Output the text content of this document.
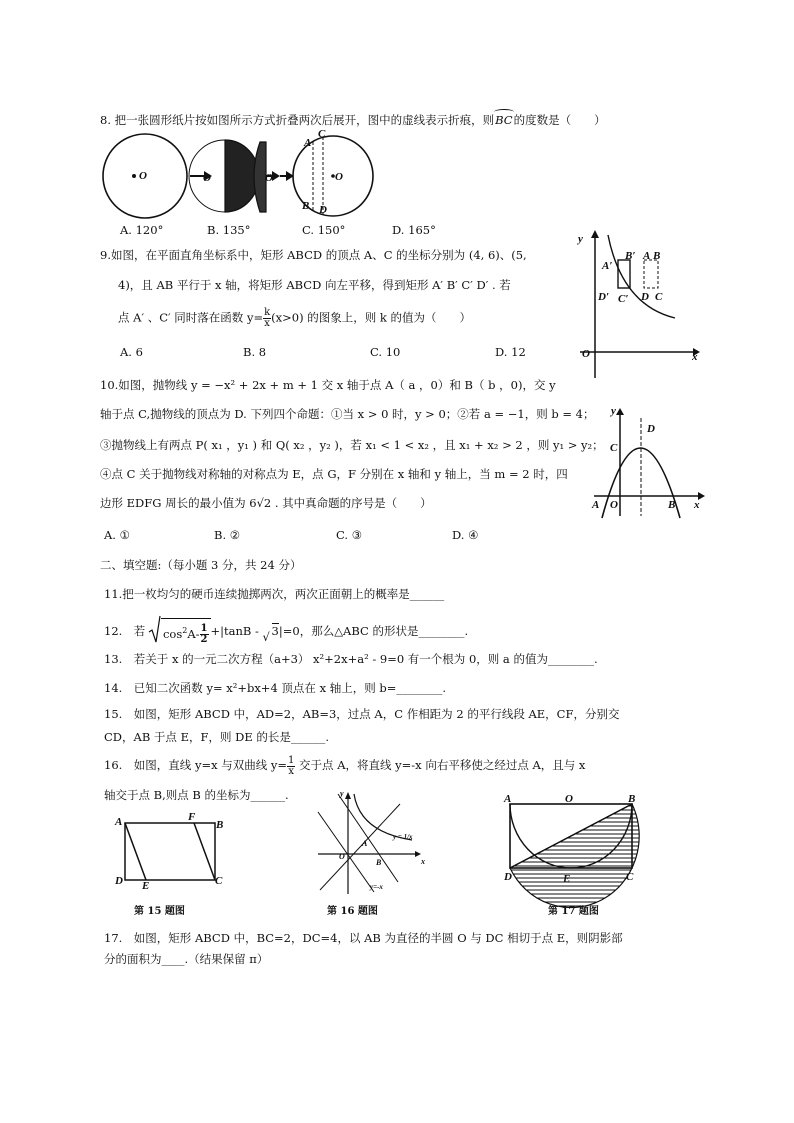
8. 把一张圆形纸片按如图所示方式折叠两次后展开，图中的虚线表示折痕，则
BC的度数是（　　）
O	O	O	O
A
C
B D
A. 120°	B. 135°	C. 150°	D. 165°
9.如图，在平面直角坐标系中，矩形 ABCD 的顶点 A、C 的坐标分别为 (4, 6)、(5,
4)，且 AB 平行于 x 轴，将矩形 ABCD 向左平移，得到矩形 A′ B′ C′ D′ . 若
点 A′ 、C′ 同时落在函数 $y= \frac{k}{x} (x>0)$ 的图象上，则 k 的值为（　　）
A. 6	B. 8	C. 10	D. 12
y
x
O
A′
B′ A B
D′ C′ D C
10.如图，抛物线 y = −x² + 2x + m + 1 交 x 轴于点 A（ a ，0）和 B（ b ，0)，交 y
轴于点 C,抛物线的顶点为 D. 下列四个命题：①当 x > 0 时，y > 0；②若 a = −1，则 b = 4；
③抛物线上有两点 P( x₁ ，y₁ ) 和 Q( x₂ ，y₂ )，若 x₁ < 1 < x₂ ，且 x₁ + x₂ > 2 ，则 y₁ > y₂；
④点 C 关于抛物线对称轴的对称点为 E，点 G，F 分别在 x 轴和 y 轴上，当 m = 2 时，四
边形 EDFG 周长的最小值为 6√2 . 其中真命题的序号是（　　）
A. ①	B. ②	C. ③	D. ④
y
D
C
A O	B x
二、填空题:（每小题 3 分，共 24 分）
11.把一枚均匀的硬币连续抛掷两次，两次正面朝上的概率是______
12.　若 $\cos^2A- \frac{1}{2} +|\tan B$ - √ 3|=0，那么△ABC 的形状是________.
13.　若关于 x 的一元二次方程（a+3） x²+2x+a² - 9=0 有一个根为 0，则 a 的值为________.
14.　已知二次函数 y= x²+bx+4 顶点在 x 轴上，则 b=________.
15.　如图，矩形 ABCD 中，AD=2，AB=3，过点 A，C 作相距为 2 的平行线段 AE，CF，分别交
CD，AB 于点 E，F，则 DE 的长是______.
16.　如图，直线 y=x 与双曲线 $y= \frac{1}{x}$ 交于点 A，将直线 y=-x 向右平移使之经过点 A，且与 x
轴交于点 B,则点 B 的坐标为______.
A	F
B
D E	C
第 15 题图
y
x
O
A
B
y = 1/x
y=-x
第 16 题图
A	O	B
D	E	C
第 17 题图
17.　如图，矩形 ABCD 中，BC=2，DC=4，以 AB 为直径的半圆 O 与 DC 相切于点 E，则阴影部
分的面积为____.（结果保留 π）
